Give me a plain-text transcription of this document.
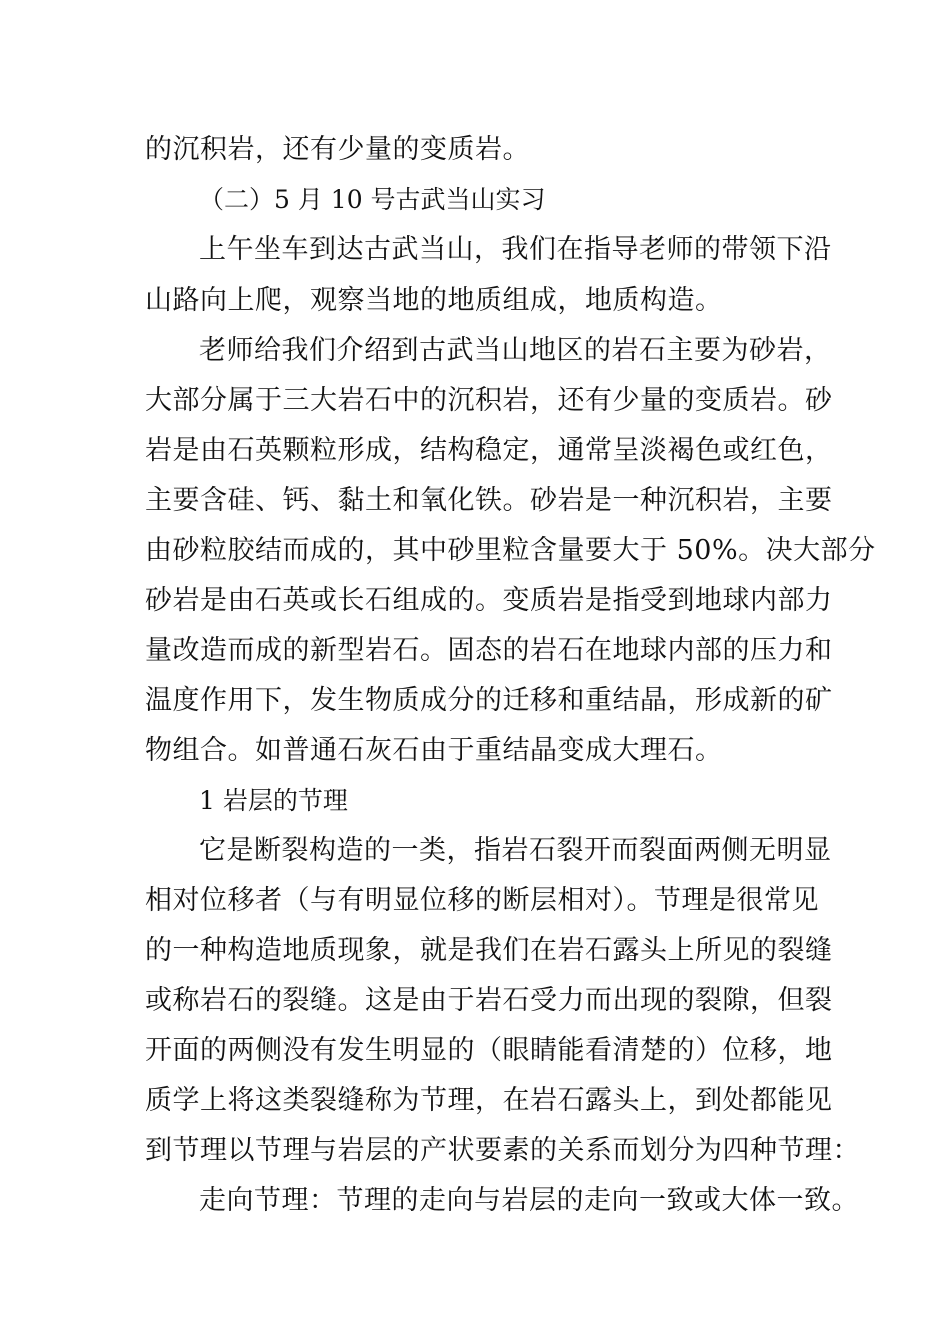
的沉积岩，还有少量的变质岩。
（二）5 月 10 号古武当山实习
上午坐车到达古武当山，我们在指导老师的带领下沿
山路向上爬，观察当地的地质组成，地质构造。
老师给我们介绍到古武当山地区的岩石主要为砂岩，
大部分属于三大岩石中的沉积岩，还有少量的变质岩。砂
岩是由石英颗粒形成，结构稳定，通常呈淡褐色或红色，
主要含硅、钙、黏土和氧化铁。砂岩是一种沉积岩，主要
由砂粒胶结而成的，其中砂里粒含量要大于 50%。决大部分
砂岩是由石英或长石组成的。变质岩是指受到地球内部力
量改造而成的新型岩石。固态的岩石在地球内部的压力和
温度作用下，发生物质成分的迁移和重结晶，形成新的矿
物组合。如普通石灰石由于重结晶变成大理石。
1 岩层的节理
它是断裂构造的一类，指岩石裂开而裂面两侧无明显
相对位移者（与有明显位移的断层相对）。节理是很常见
的一种构造地质现象，就是我们在岩石露头上所见的裂缝
或称岩石的裂缝。这是由于岩石受力而出现的裂隙，但裂
开面的两侧没有发生明显的（眼睛能看清楚的）位移，地
质学上将这类裂缝称为节理，在岩石露头上，到处都能见
到节理以节理与岩层的产状要素的关系而划分为四种节理：
走向节理：节理的走向与岩层的走向一致或大体一致。
